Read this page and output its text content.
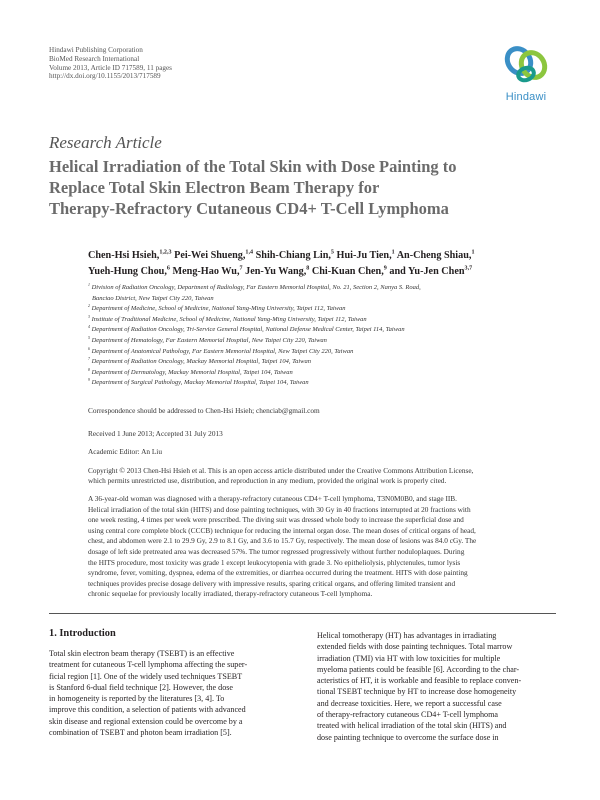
Hindawi Publishing Corporation
BioMed Research International
Volume 2013, Article ID 717589, 11 pages
http://dx.doi.org/10.1155/2013/717589
Hindawi
Research Article
Helical Irradiation of the Total Skin with Dose Painting to
Replace Total Skin Electron Beam Therapy for
Therapy-Refractory Cutaneous CD4+ T-Cell Lymphoma
Chen-Hsi Hsieh,$^{1,2,3}$ Pei-Wei Shueng,$^{1,4}$ Shih-Chiang Lin,$^5$ Hui-Ju Tien,$^1$ An-Cheng Shiau,$^1$
Yueh-Hung Chou,$^6$ Meng-Hao Wu,$^7$ Jen-Yu Wang,$^8$ Chi-Kuan Chen,$^9$ and Yu-Jen Chen$^{3,7}$
$^1$ Division of Radiation Oncology, Department of Radiology, Far Eastern Memorial Hospital, No. 21, Section 2, Nanya S. Road,
Banciao District, New Taipei City 220, Taiwan
$^2$ Department of Medicine, School of Medicine, National Yang-Ming University, Taipei 112, Taiwan
$^3$ Institute of Traditional Medicine, School of Medicine, National Yang-Ming University, Taipei 112, Taiwan
$^4$ Department of Radiation Oncology, Tri-Service General Hospital, National Defense Medical Center, Taipei 114, Taiwan
$^5$ Department of Hematology, Far Eastern Memorial Hospital, New Taipei City 220, Taiwan
$^6$ Department of Anatomical Pathology, Far Eastern Memorial Hospital, New Taipei City 220, Taiwan
$^7$ Department of Radiation Oncology, Mackay Memorial Hospital, Taipei 104, Taiwan
$^8$ Department of Dermatology, Mackay Memorial Hospital, Taipei 104, Taiwan
$^9$ Department of Surgical Pathology, Mackay Memorial Hospital, Taipei 104, Taiwan
Correspondence should be addressed to Chen-Hsi Hsieh; chenciab@gmail.com
Received 1 June 2013; Accepted 31 July 2013
Academic Editor: An Liu
Copyright © 2013 Chen-Hsi Hsieh et al. This is an open access article distributed under the Creative Commons Attribution License,
which permits unrestricted use, distribution, and reproduction in any medium, provided the original work is properly cited.
A 36-year-old woman was diagnosed with a therapy-refractory cutaneous CD4+ T-cell lymphoma, T3N0M0B0, and stage IIB.
Helical irradiation of the total skin (HITS) and dose painting techniques, with 30 Gy in 40 fractions interrupted at 20 fractions with
one week resting, 4 times per week were prescribed. The diving suit was dressed whole body to increase the superficial dose and
using central core complete block (CCCB) technique for reducing the internal organ dose. The mean doses of critical organs of head,
chest, and abdomen were 2.1 to 29.9 Gy, 2.9 to 8.1 Gy, and 3.6 to 15.7 Gy, respectively. The mean dose of lesions was 84.0 cGy. The
dosage of left side pretreated area was decreased 57%. The tumor regressed progressively without further noduloplaques. During
the HITS procedure, most toxicity was grade 1 except leukocytopenia with grade 3. No epitheliolysis, phlyctenules, tumor lysis
syndrome, fever, vomiting, dyspnea, edema of the extremities, or diarrhea occurred during the treatment. HITS with dose painting
techniques provides precise dosage delivery with impressive results, sparing critical organs, and offering limited transient and
chronic sequelae for previously locally irradiated, therapy-refractory cutaneous T-cell lymphoma.
1. Introduction
Total skin electron beam therapy (TSEBT) is an effective
treatment for cutaneous T-cell lymphoma affecting the super-
ficial region [1]. One of the widely used techniques TSEBT
is Stanford 6-dual field technique [2]. However, the dose
in homogeneity is reported by the literatures [3, 4]. To
improve this condition, a selection of patients with advanced
skin disease and regional extension could be overcome by a
combination of TSEBT and photon beam irradiation [5].
Helical tomotherapy (HT) has advantages in irradiating
extended fields with dose painting techniques. Total marrow
irradiation (TMI) via HT with low toxicities for multiple
myeloma patients could be feasible [6]. According to the char-
acteristics of HT, it is workable and feasible to replace conven-
tional TSEBT technique by HT to increase dose homogeneity
and decrease toxicities. Here, we report a successful case
of therapy-refractory cutaneous CD4+ T-cell lymphoma
treated with helical irradiation of the total skin (HITS) and
dose painting technique to overcome the surface dose in
